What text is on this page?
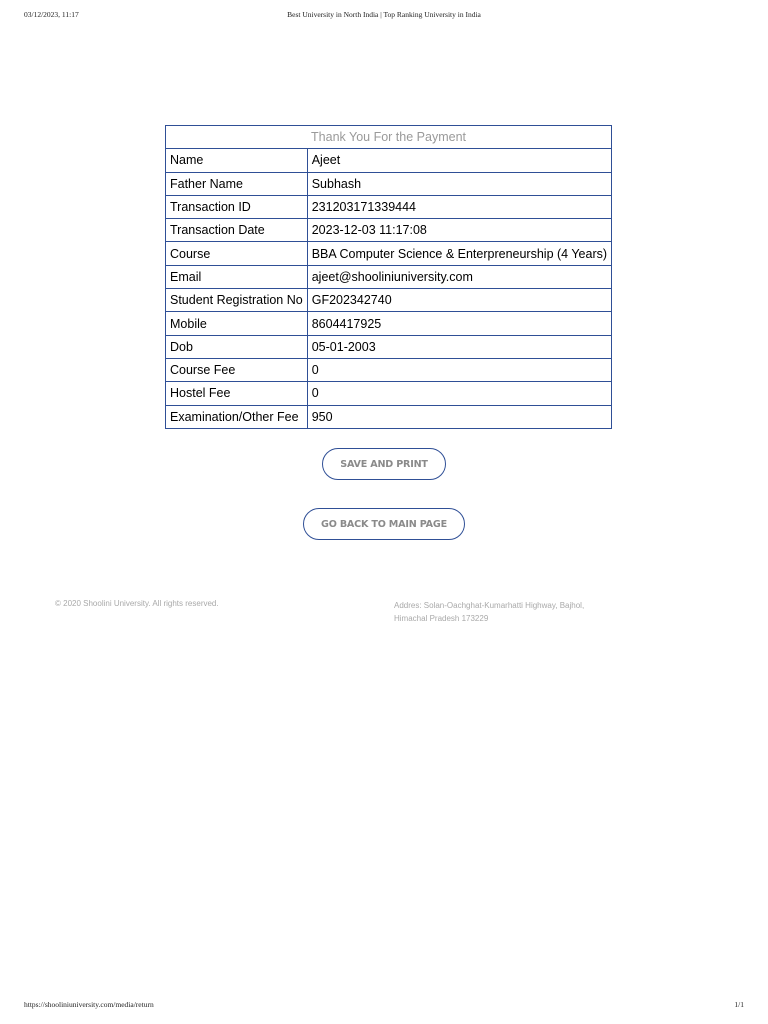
03/12/2023, 11:17	Best University in North India | Top Ranking University in India
Thank You For the Payment	
Name	Ajeet
Father Name	Subhash
Transaction ID	231203171339444
Transaction Date	2023-12-03 11:17:08
Course	BBA Computer Science & Enterpreneurship (4 Years)
Email	ajeet@shooliniuniversity.com
Student Registration No	GF202342740
Mobile	8604417925
Dob	05-01-2003
Course Fee	0
Hostel Fee	0
Examination/Other Fee	950
SAVE AND PRINT
GO BACK TO MAIN PAGE
© 2020 Shoolini University. All rights reserved.	Addres: Solan-Oachghat-Kumarhatti Highway, Bajhol, Himachal Pradesh 173229
https://shooliniuniversity.com/media/return	1/1
